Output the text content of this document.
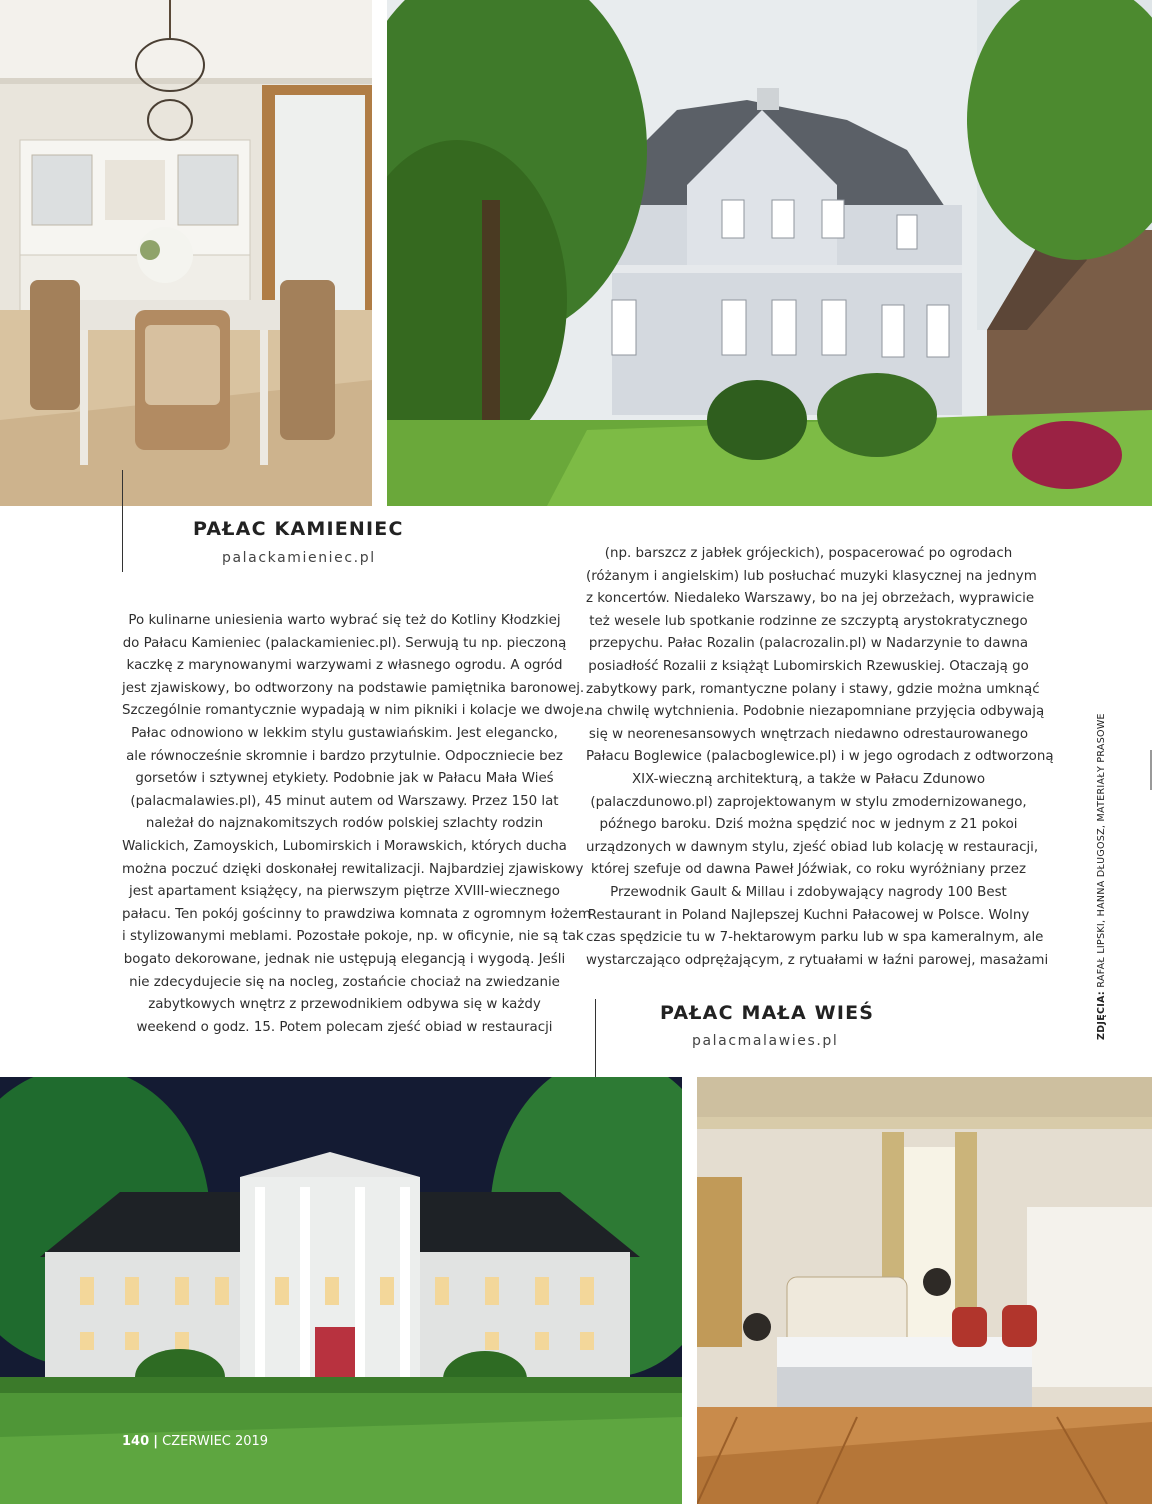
PAŁAC KAMIENIEC
palackamieniec.pl
PAŁAC MAŁA WIEŚ
palacmalawies.pl
Po kulinarne uniesienia warto wybrać się też do Kotliny Kłodzkiej
do Pałacu Kamieniec (palackamieniec.pl). Serwują tu np. pieczoną
kaczkę z marynowanymi warzywami z własnego ogrodu. A ogród
jest zjawiskowy, bo odtworzony na podstawie pamiętnika baronowej.
Szczególnie romantycznie wypadają w nim pikniki i kolacje we dwoje.
Pałac odnowiono w lekkim stylu gustawiańskim. Jest elegancko,
ale równocześnie skromnie i bardzo przytulnie. Odpoczniecie bez
gorsetów i sztywnej etykiety. Podobnie jak w Pałacu Mała Wieś
(palacmalawies.pl), 45 minut autem od Warszawy. Przez 150 lat
należał do najznakomitszych rodów polskiej szlachty rodzin
Walickich, Zamoyskich, Lubomirskich i Morawskich, których ducha
można poczuć dzięki doskonałej rewitalizacji. Najbardziej zjawiskowy
jest apartament książęcy, na pierwszym piętrze XVIII-wiecznego
pałacu. Ten pokój gościnny to prawdziwa komnata z ogromnym łożem
i stylizowanymi meblami. Pozostałe pokoje, np. w oficynie, nie są tak
bogato dekorowane, jednak nie ustępują elegancją i wygodą. Jeśli
nie zdecydujecie się na nocleg, zostańcie chociaż na zwiedzanie
zabytkowych wnętrz z przewodnikiem odbywa się w każdy
weekend o godz. 15. Potem polecam zjeść obiad w restauracji
(np. barszcz z jabłek grójeckich), pospacerować po ogrodach
(różanym i angielskim) lub posłuchać muzyki klasycznej na jednym
z koncertów. Niedaleko Warszawy, bo na jej obrzeżach, wyprawicie
też wesele lub spotkanie rodzinne ze szczyptą arystokratycznego
przepychu. Pałac Rozalin (palacrozalin.pl) w Nadarzynie to dawna
posiadłość Rozalii z książąt Lubomirskich Rzewuskiej. Otaczają go
zabytkowy park, romantyczne polany i stawy, gdzie można umknąć
na chwilę wytchnienia. Podobnie niezapomniane przyjęcia odbywają
się w neorenesansowych wnętrzach niedawno odrestaurowanego
Pałacu Boglewice (palacboglewice.pl) i w jego ogrodach z odtworzoną
XIX-wieczną architekturą, a także w Pałacu Zdunowo
(palaczdunowo.pl) zaprojektowanym w stylu zmodernizowanego,
późnego baroku. Dziś można spędzić noc w jednym z 21 pokoi
urządzonych w dawnym stylu, zjeść obiad lub kolację w restauracji,
której szefuje od dawna Paweł Jóźwiak, co roku wyróżniany przez
Przewodnik Gault & Millau i zdobywający nagrody 100 Best
Restaurant in Poland Najlepszej Kuchni Pałacowej w Polsce. Wolny
czas spędzicie tu w 7-hektarowym parku lub w spa kameralnym, ale
wystarczająco odprężającym, z rytuałami w łaźni parowej, masażami
ZDJĘCIA: RAFAŁ LIPSKI, HANNA DŁUGOSZ, MATERIAŁY PRASOWE
140 | CZERWIEC 2019
